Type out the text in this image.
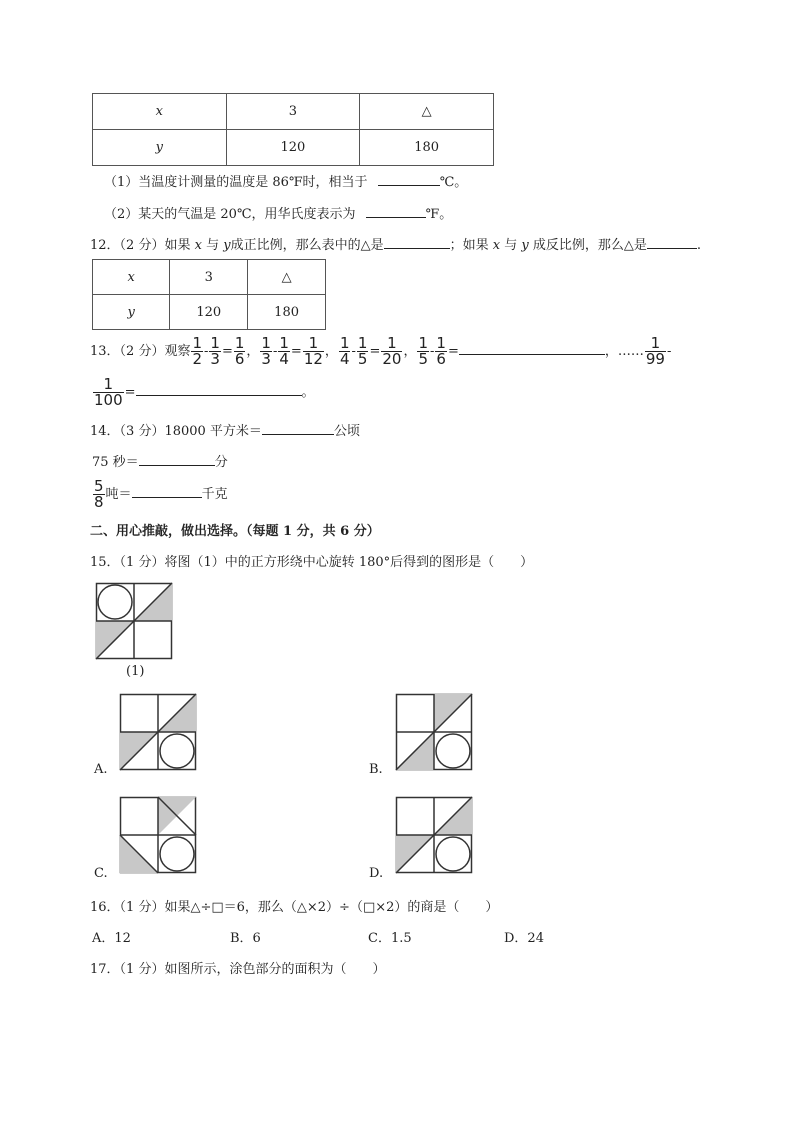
x	3	△
y	120	180
（1）当温度计测量的温度是 86℉时，相当于	℃。
（2）某天的气温是 20℃，用华氏度表示为	℉。
12．（2 分）如果 x 与 y成正比例，那么表中的△是	；如果 x 与 y 成反比例，那么△是	.
x	3	△
y	120	180
13．（2 分）观察 $\frac{1}{2} - \frac{1}{3} = \frac{1}{6}$ ， $\frac{1}{3} - \frac{1}{4} = \frac{1}{12}$ ， $\frac{1}{4} - \frac{1}{5} = \frac{1}{20}$ ， $\frac{1}{5} - \frac{1}{6}$ =	，…… $\frac{1}{99}$ -
$\frac{1}{100}$ =	。
14．（3 分）18000 平方米＝	公顷
75 秒＝	分
$\frac{5}{8}$ 吨＝	千克
二、用心推敲，做出选择。（每题 1 分，共 6 分）
15．（1 分）将图（1）中的正方形绕中心旋转 180°后得到的图形是（　　）
(1)
A.	B.
C.	D.
16．（1 分）如果△÷□＝6，那么（△×2）÷（□×2）的商是（　　）
A．12	B．6	C．1.5	D．24
17．（1 分）如图所示，涂色部分的面积为（　　）
